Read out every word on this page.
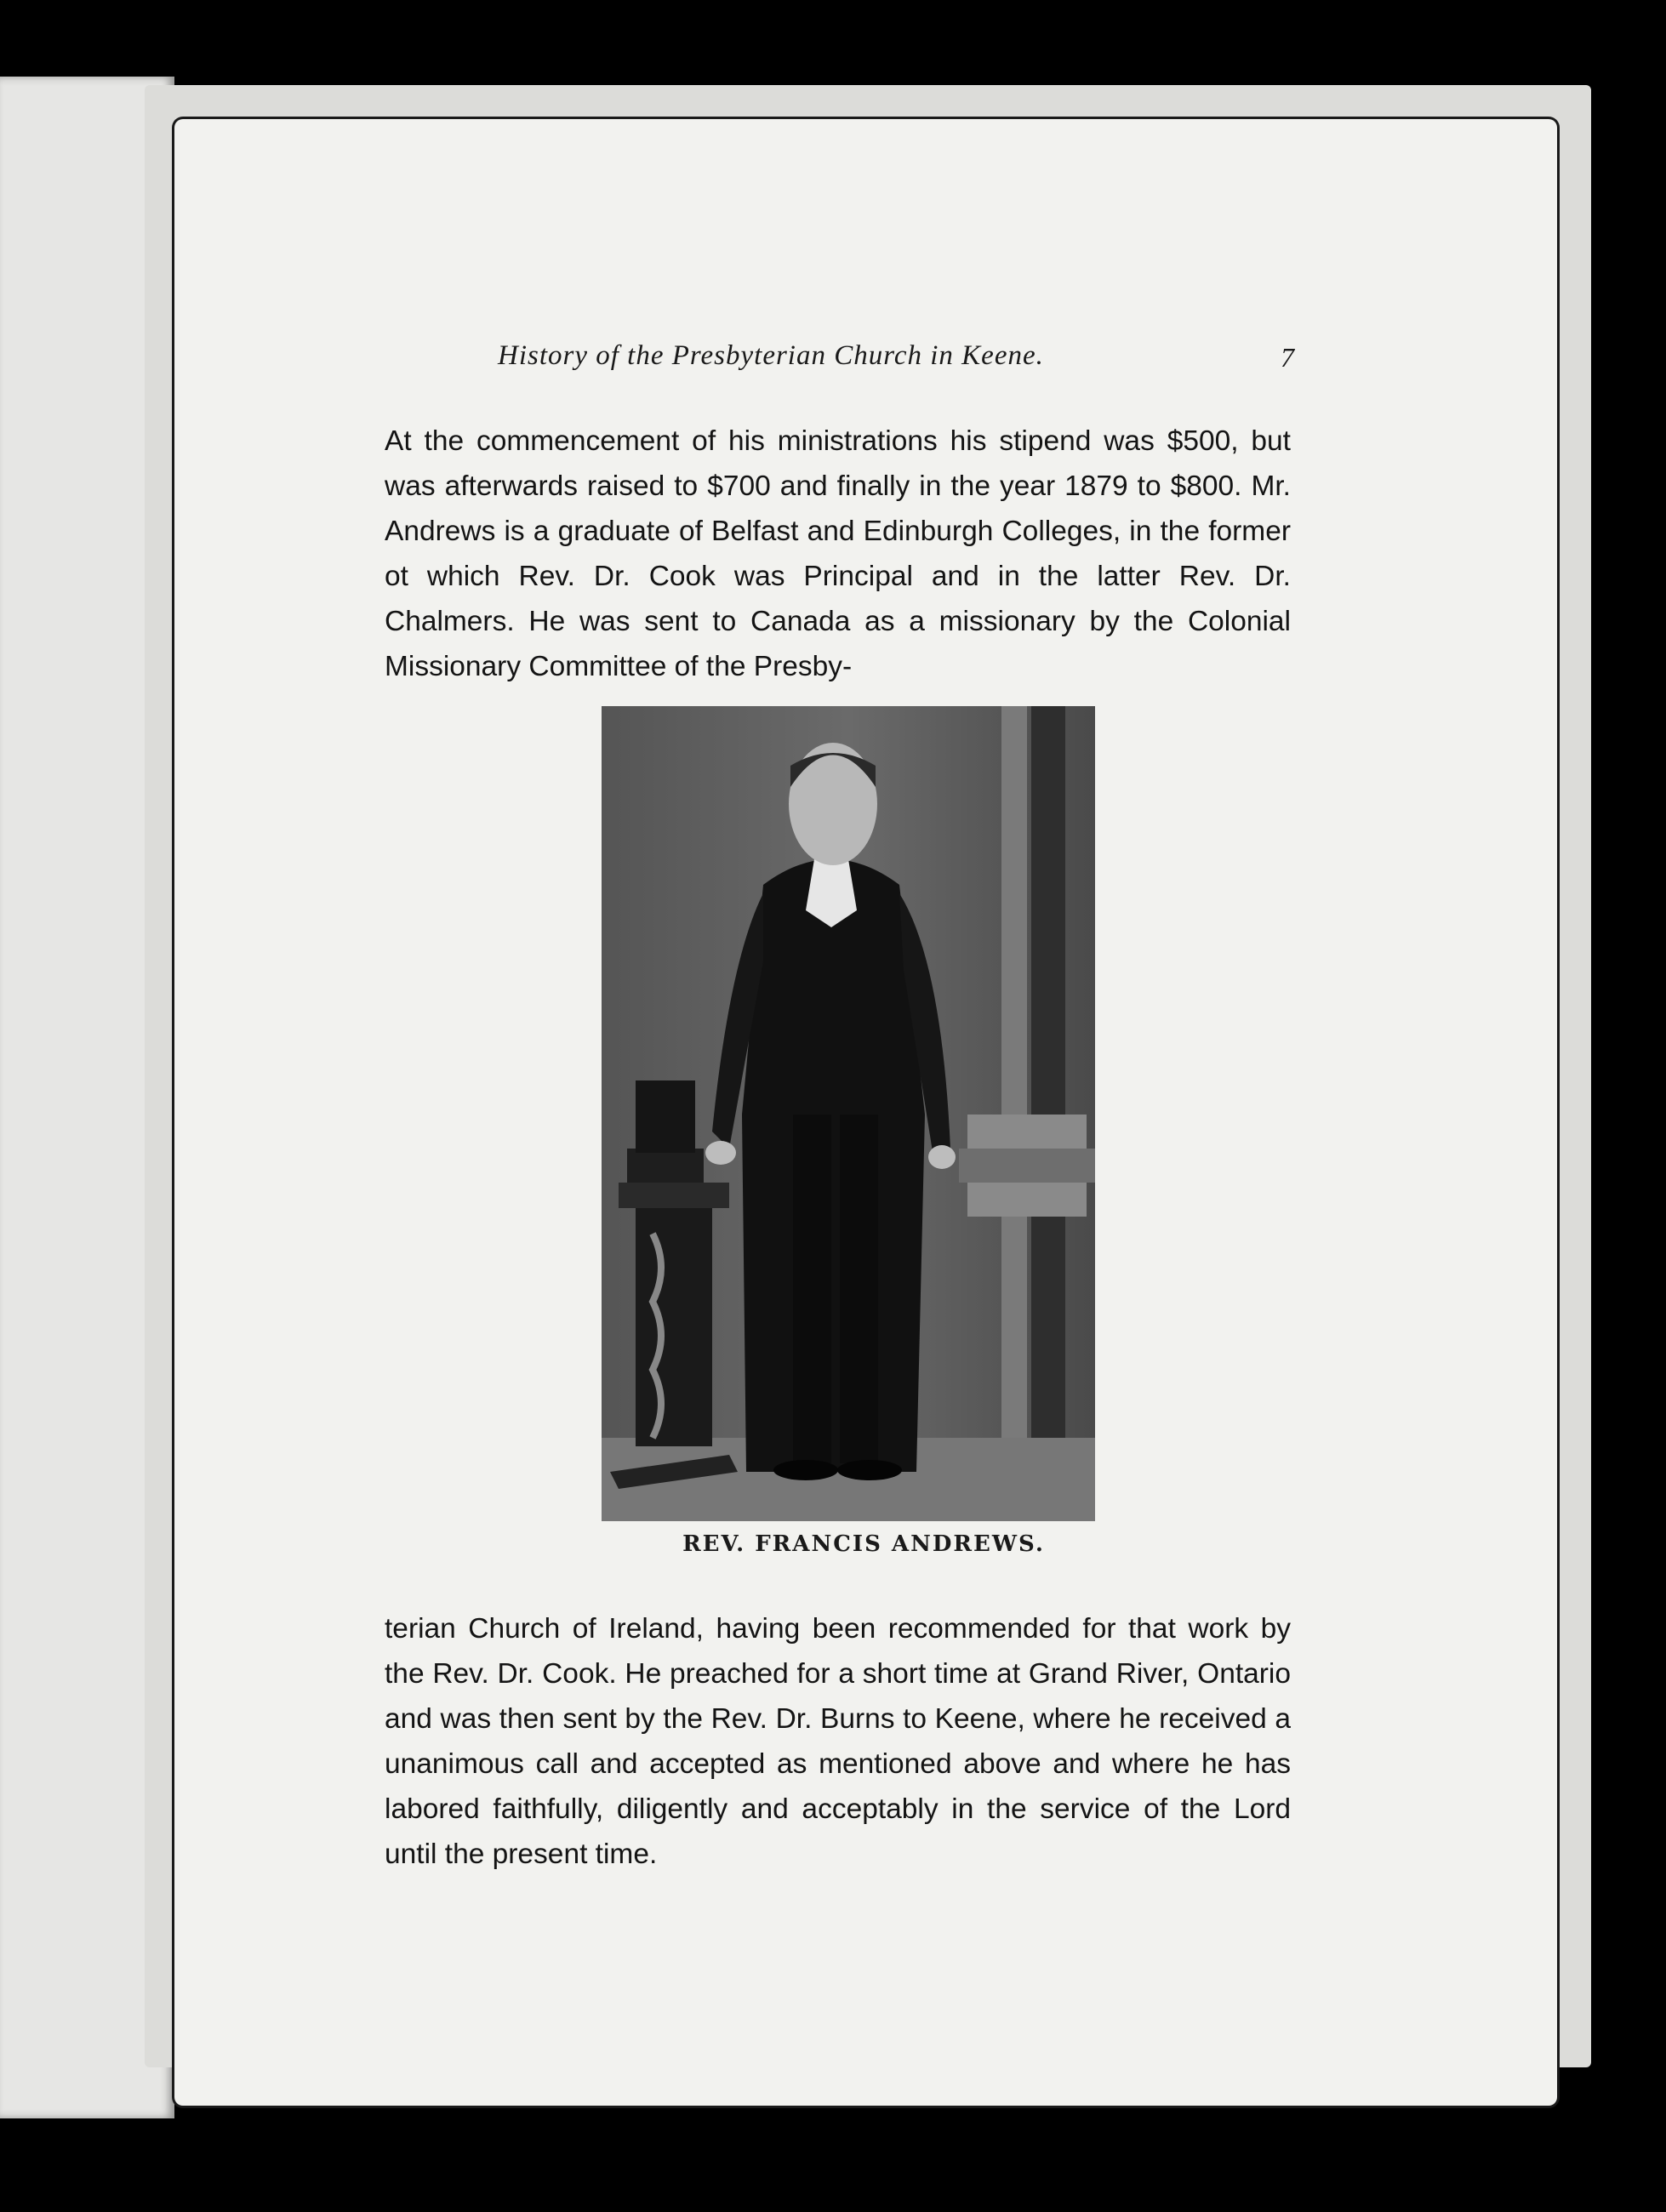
History of the Presbyterian Church in Keene.	7
At the commencement of his ministrations his stipend was $500, but was afterwards raised to $700 and finally in the year 1879 to $800. Mr. Andrews is a graduate of Belfast and Edinburgh Colleges, in the former ot which Rev. Dr. Cook was Principal and in the latter Rev. Dr. Chalmers. He was sent to Canada as a missionary by the Colonial Missionary Committee of the Presby-
REV. FRANCIS ANDREWS.
terian Church of Ireland, having been recommended for that work by the Rev. Dr. Cook. He preached for a short time at Grand River, Ontario and was then sent by the Rev. Dr. Burns to Keene, where he received a unanimous call and accepted as mentioned above and where he has labored faithfully, diligently and acceptably in the service of the Lord until the present time.
